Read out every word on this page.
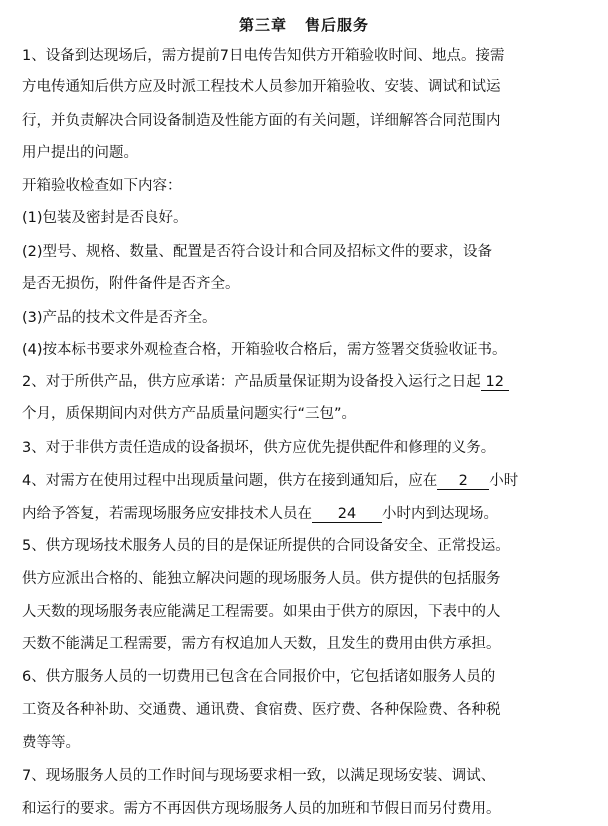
第三章 售后服务
1、设备到达现场后，需方提前7日电传告知供方开箱验收时间、地点。接需
方电传通知后供方应及时派工程技术人员参加开箱验收、安装、调试和试运
行，并负责解决合同设备制造及性能方面的有关问题，详细解答合同范围内
用户提出的问题。
开箱验收检查如下内容：
(1)包装及密封是否良好。
(2)型号、规格、数量、配置是否符合设计和合同及招标文件的要求，设备
是否无损伤，附件备件是否齐全。
(3)产品的技术文件是否齐全。
(4)按本标书要求外观检查合格，开箱验收合格后，需方签署交货验收证书。
2、对于所供产品，供方应承诺：产品质量保证期为设备投入运行之日起 12
个月，质保期间内对供方产品质量问题实行“三包”。
3、对于非供方责任造成的设备损坏，供方应优先提供配件和修理的义务。
4、对需方在使用过程中出现质量问题，供方在接到通知后，应在 2 小时
内给予答复，若需现场服务应安排技术人员在 24 小时内到达现场。
5、供方现场技术服务人员的目的是保证所提供的合同设备安全、正常投运。
供方应派出合格的、能独立解决问题的现场服务人员。供方提供的包括服务
人天数的现场服务表应能满足工程需要。如果由于供方的原因，下表中的人
天数不能满足工程需要，需方有权追加人天数，且发生的费用由供方承担。
6、供方服务人员的一切费用已包含在合同报价中，它包括诸如服务人员的
工资及各种补助、交通费、通讯费、食宿费、医疗费、各种保险费、各种税
费等等。
7、现场服务人员的工作时间与现场要求相一致，以满足现场安装、调试、
和运行的要求。需方不再因供方现场服务人员的加班和节假日而另付费用。
